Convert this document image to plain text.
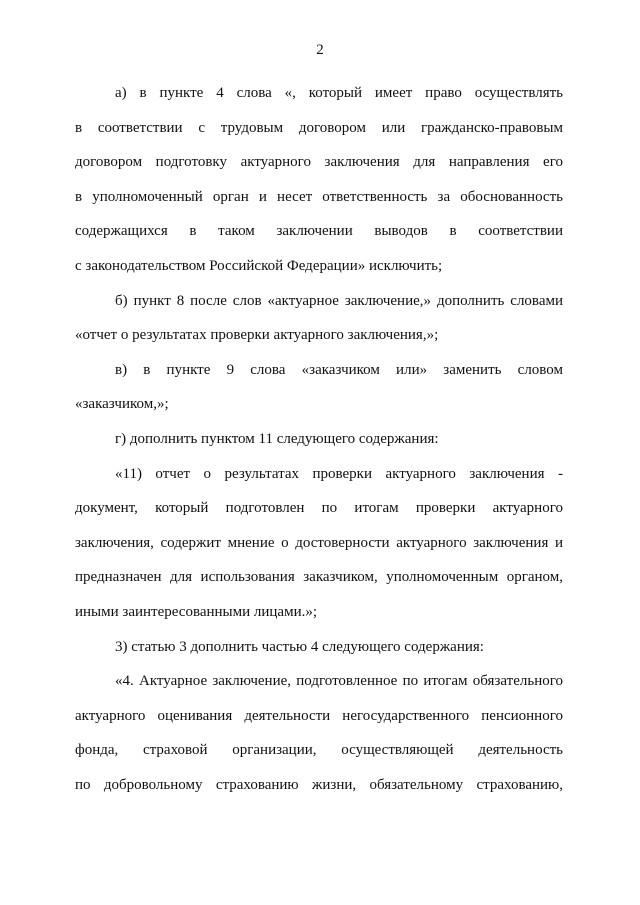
2
а) в пункте 4 слова «, который имеет право осуществлять
в соответствии с трудовым договором или гражданско-правовым
договором подготовку актуарного заключения для направления его
в уполномоченный орган и несет ответственность за обоснованность
содержащихся в таком заключении выводов в соответствии
с законодательством Российской Федерации» исключить;
б) пункт 8 после слов «актуарное заключение,» дополнить словами
«отчет о результатах проверки актуарного заключения,»;
в) в пункте 9 слова «заказчиком или» заменить словом
«заказчиком,»;
г) дополнить пунктом 11 следующего содержания:
«11) отчет о результатах проверки актуарного заключения -
документ, который подготовлен по итогам проверки актуарного
заключения, содержит мнение о достоверности актуарного заключения и
предназначен для использования заказчиком, уполномоченным органом,
иными заинтересованными лицами.»;
3) статью 3 дополнить частью 4 следующего содержания:
«4. Актуарное заключение, подготовленное по итогам обязательного
актуарного оценивания деятельности негосударственного пенсионного
фонда, страховой организации, осуществляющей деятельность
по добровольному страхованию жизни, обязательному страхованию,
